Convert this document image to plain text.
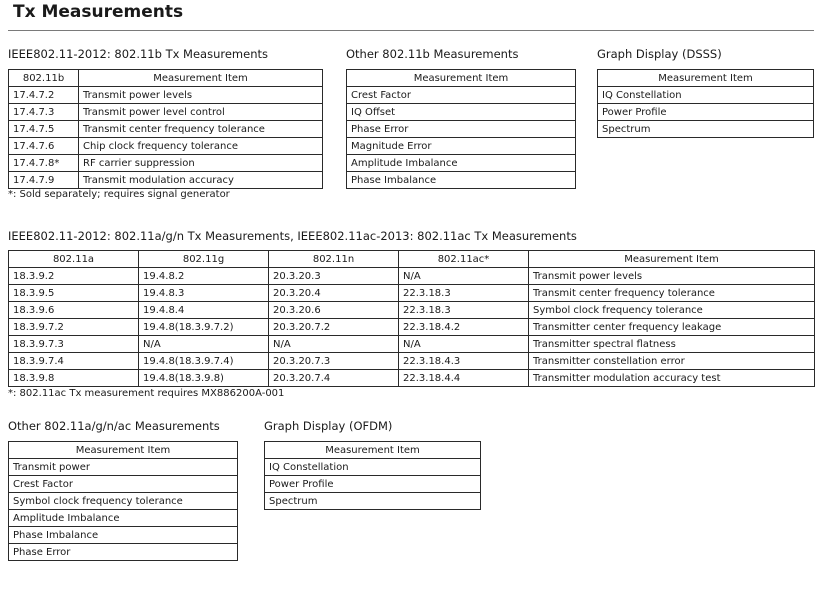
Tx Measurements
IEEE802.11-2012: 802.11b Tx Measurements
802.11b	Measurement Item
17.4.7.2	Transmit power levels
17.4.7.3	Transmit power level control
17.4.7.5	Transmit center frequency tolerance
17.4.7.6	Chip clock frequency tolerance
17.4.7.8*	RF carrier suppression
17.4.7.9	Transmit modulation accuracy
*: Sold separately; requires signal generator
Other 802.11b Measurements
Measurement Item
Crest Factor
IQ Offset
Phase Error
Magnitude Error
Amplitude Imbalance
Phase Imbalance
Graph Display (DSSS)
Measurement Item
IQ Constellation
Power Profile
Spectrum
IEEE802.11-2012: 802.11a/g/n Tx Measurements, IEEE802.11ac-2013: 802.11ac Tx Measurements
802.11a	802.11g	802.11n	802.11ac*	Measurement Item
18.3.9.2	19.4.8.2	20.3.20.3	N/A	Transmit power levels
18.3.9.5	19.4.8.3	20.3.20.4	22.3.18.3	Transmit center frequency tolerance
18.3.9.6	19.4.8.4	20.3.20.6	22.3.18.3	Symbol clock frequency tolerance
18.3.9.7.2	19.4.8(18.3.9.7.2)	20.3.20.7.2	22.3.18.4.2	Transmitter center frequency leakage
18.3.9.7.3	N/A	N/A	N/A	Transmitter spectral flatness
18.3.9.7.4	19.4.8(18.3.9.7.4)	20.3.20.7.3	22.3.18.4.3	Transmitter constellation error
18.3.9.8	19.4.8(18.3.9.8)	20.3.20.7.4	22.3.18.4.4	Transmitter modulation accuracy test
*: 802.11ac Tx measurement requires MX886200A-001
Other 802.11a/g/n/ac Measurements
Measurement Item
Transmit power
Crest Factor
Symbol clock frequency tolerance
Amplitude Imbalance
Phase Imbalance
Phase Error
Graph Display (OFDM)
Measurement Item
IQ Constellation
Power Profile
Spectrum
